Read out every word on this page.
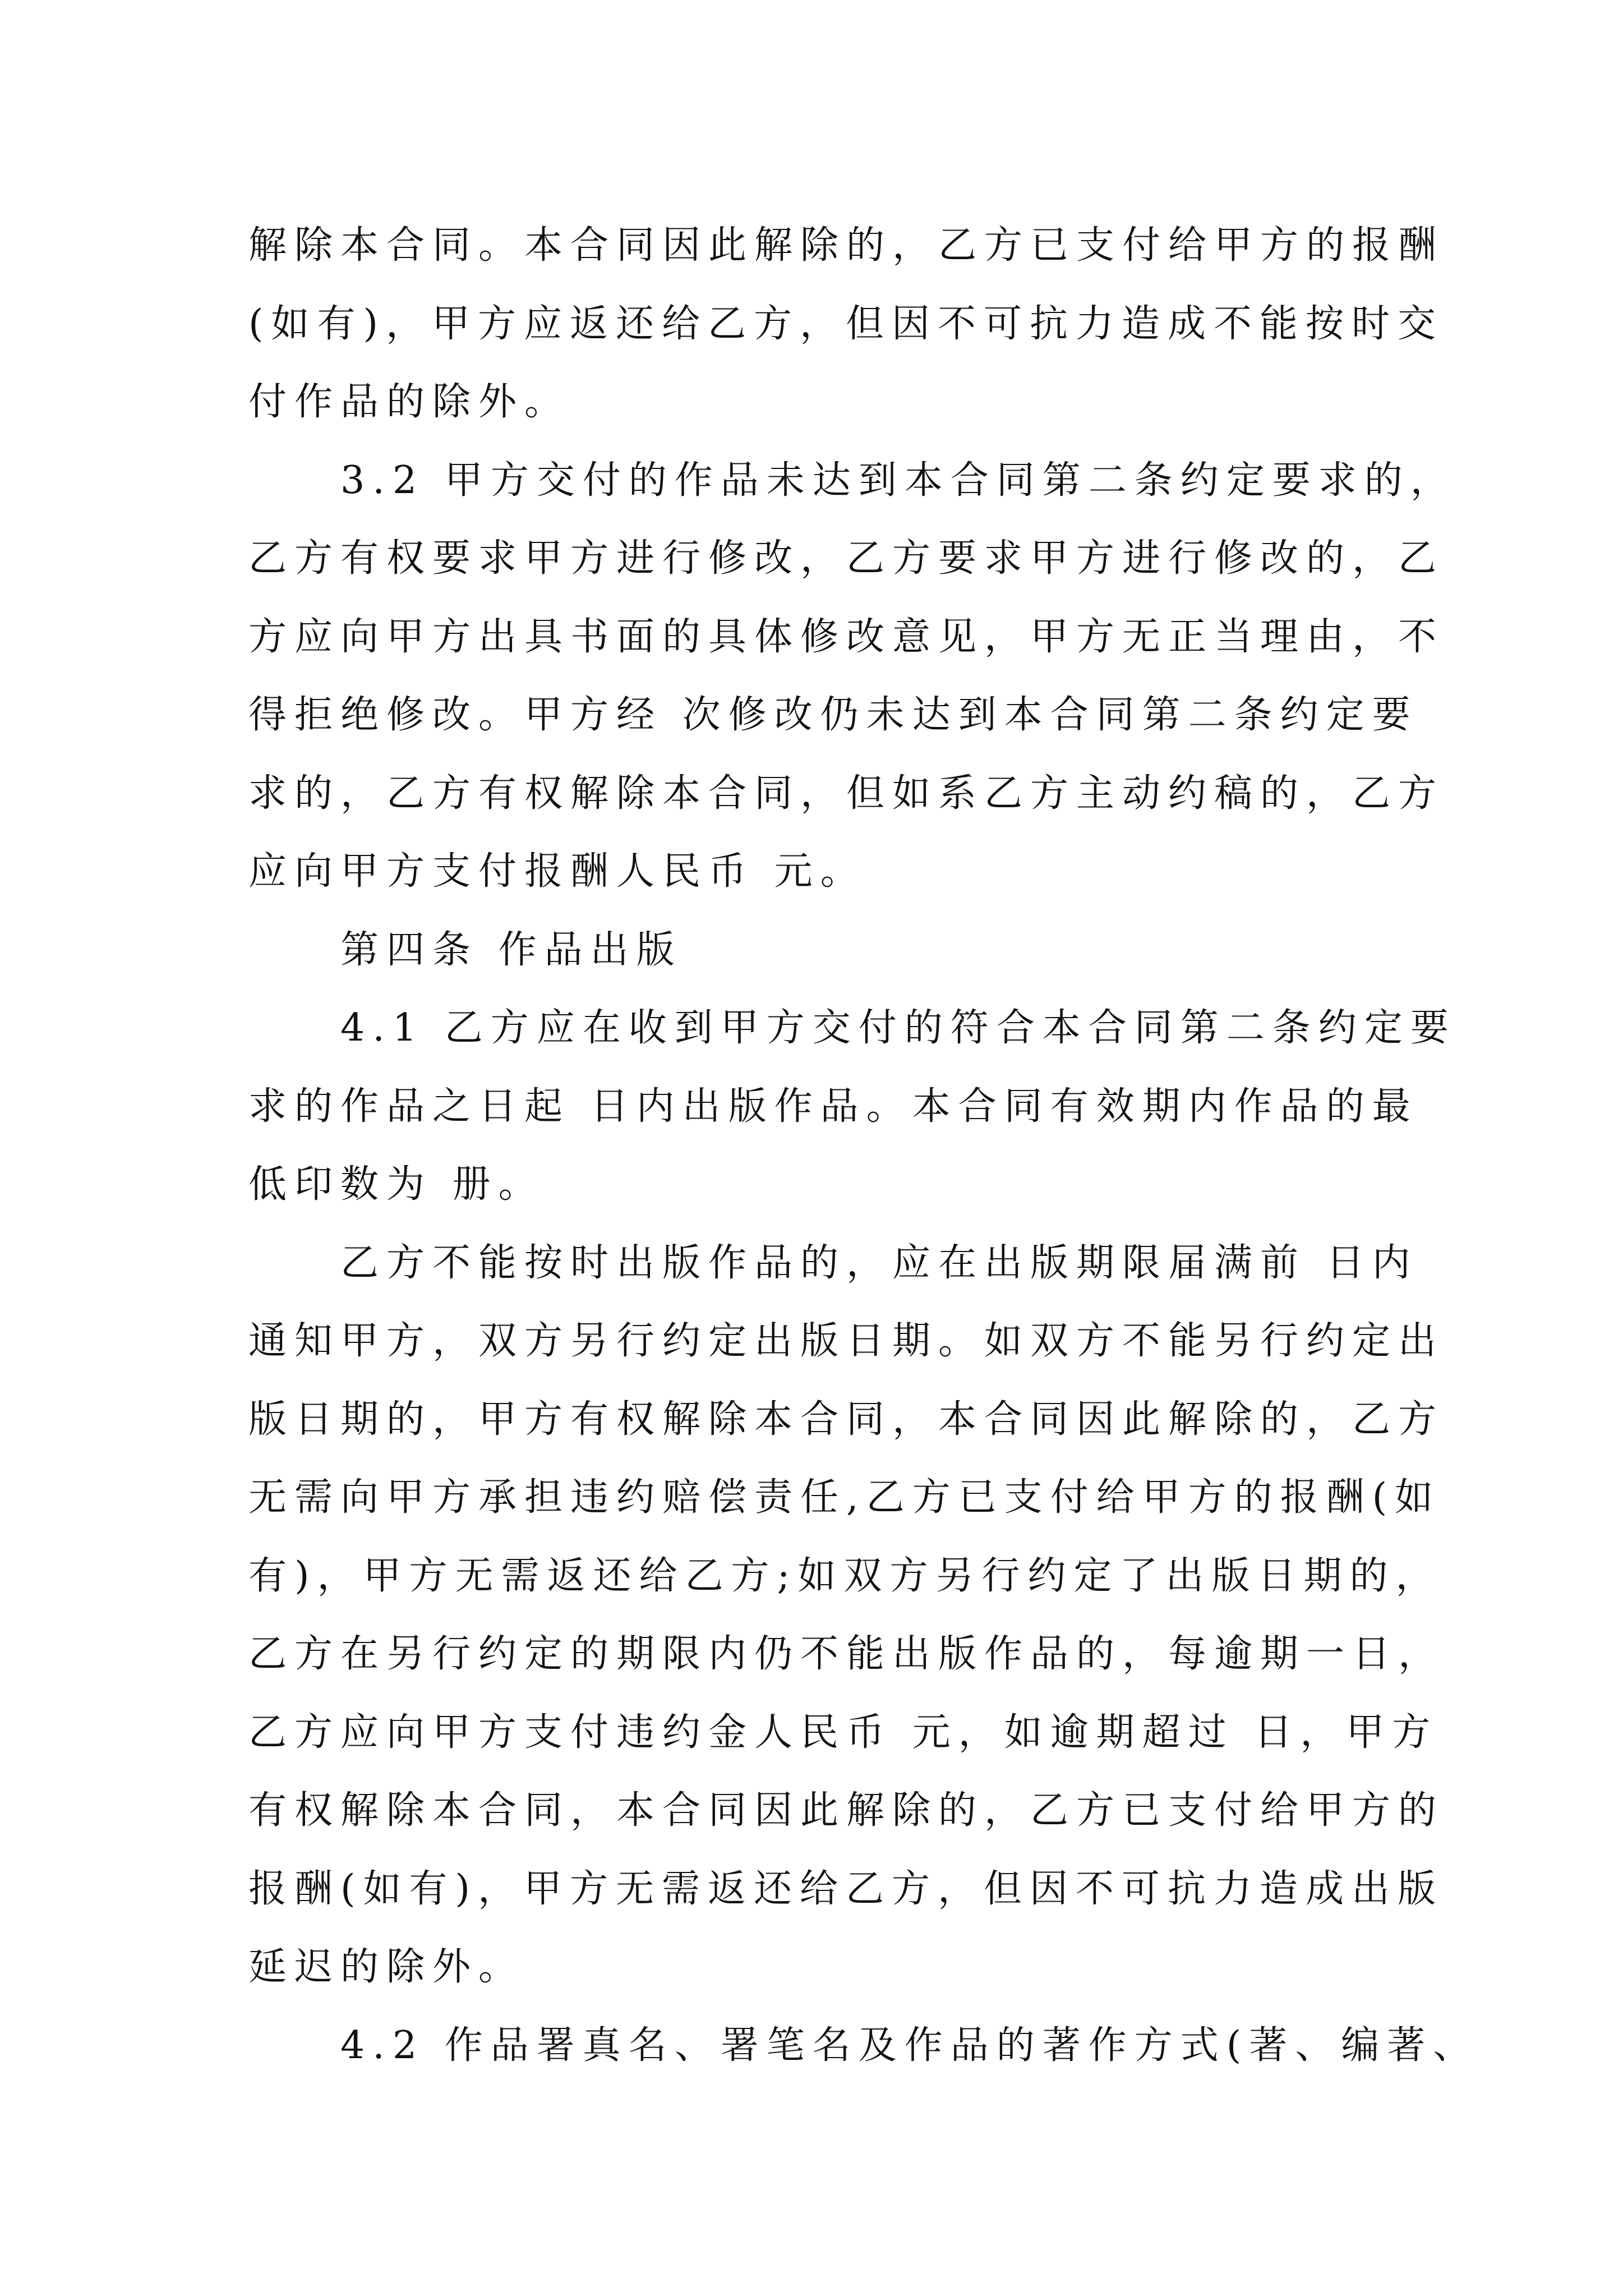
解除本合同。本合同因此解除的，乙方已支付给甲方的报酬
(如有)，甲方应返还给乙方，但因不可抗力造成不能按时交
付作品的除外。
　　3.2 甲方交付的作品未达到本合同第二条约定要求的，
乙方有权要求甲方进行修改，乙方要求甲方进行修改的，乙
方应向甲方出具书面的具体修改意见，甲方无正当理由，不
得拒绝修改。甲方经 次修改仍未达到本合同第二条约定要
求的，乙方有权解除本合同，但如系乙方主动约稿的，乙方
应向甲方支付报酬人民币 元。
　　第四条 作品出版
　　4.1 乙方应在收到甲方交付的符合本合同第二条约定要
求的作品之日起 日内出版作品。本合同有效期内作品的最
低印数为 册。
　　乙方不能按时出版作品的，应在出版期限届满前 日内
通知甲方，双方另行约定出版日期。如双方不能另行约定出
版日期的，甲方有权解除本合同，本合同因此解除的，乙方
无需向甲方承担违约赔偿责任,乙方已支付给甲方的报酬(如
有)，甲方无需返还给乙方;如双方另行约定了出版日期的，
乙方在另行约定的期限内仍不能出版作品的，每逾期一日，
乙方应向甲方支付违约金人民币 元，如逾期超过 日，甲方
有权解除本合同，本合同因此解除的，乙方已支付给甲方的
报酬(如有)，甲方无需返还给乙方，但因不可抗力造成出版
延迟的除外。
　　4.2 作品署真名、署笔名及作品的著作方式(著、编著、
